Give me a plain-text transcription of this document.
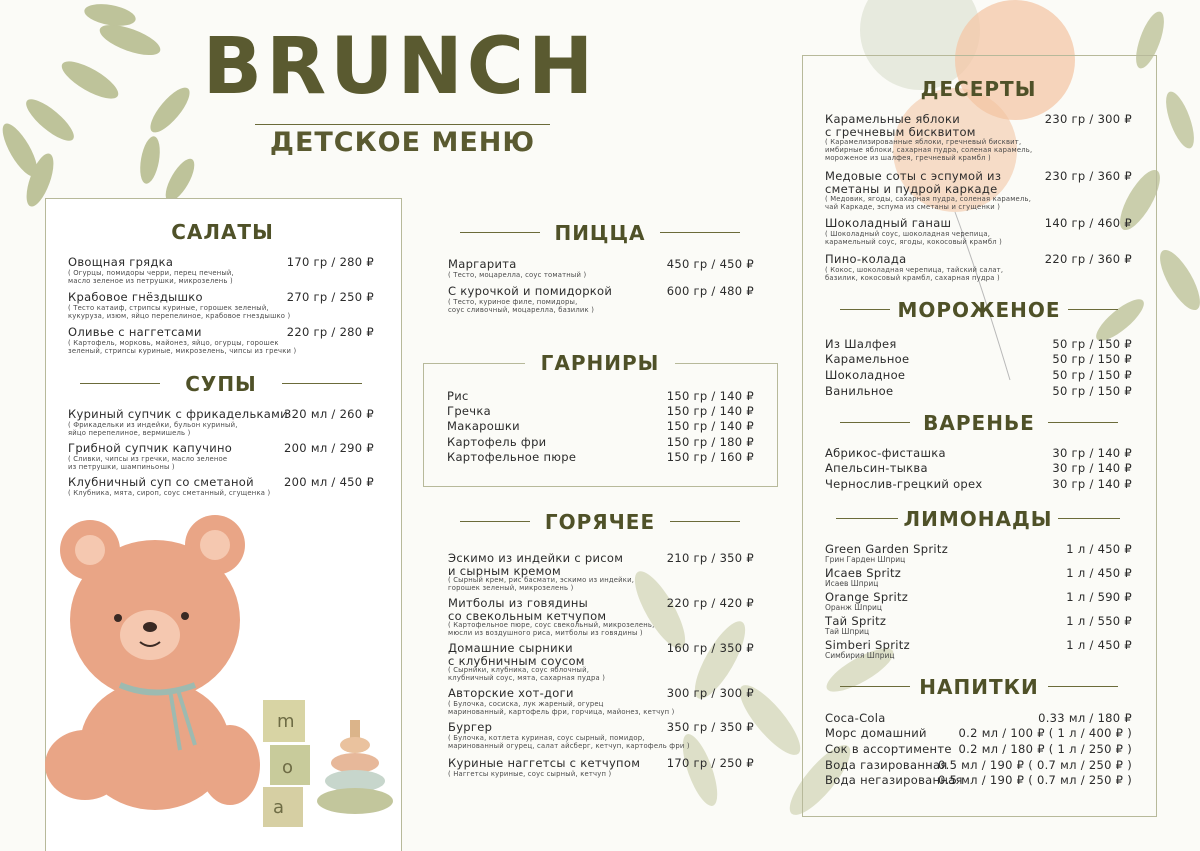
BRUNCH
ДЕТСКОЕ МЕНЮ
САЛАТЫ
Овощная грядка	170 гр / 280 ₽
( Огурцы, помидоры черри, перец печеный,
масло зеленое из петрушки, микрозелень )
Крабовое гнёздышко	270 гр / 250 ₽
( Тесто катаиф, стрипсы куриные, горошек зеленый,
кукуруза, изюм, яйцо перепелиное, крабовое гнездышко )
Оливье с наггетсами	220 гр / 280 ₽
( Картофель, морковь, майонез, яйцо, огурцы, горошек
зеленый, стрипсы куриные, микрозелень, чипсы из гречки )
СУПЫ
Куриный супчик с фрикадельками
320 мл / 260 ₽
( Фрикадельки из индейки, бульон куриный,
яйцо перепелиное, вермишель )
Грибной супчик капучино	200 мл / 290 ₽
( Сливки, чипсы из гречки, масло зеленое
из петрушки, шампиньоны )
Клубничный суп со сметаной	200 мл / 450 ₽
( Клубника, мята, сироп, соус сметанный, сгущенка )
m
o
a
ПИЦЦА
Маргарита	450 гр / 450 ₽
( Тесто, моцарелла, соус томатный )
С курочкой и помидоркой	600 гр / 480 ₽
( Тесто, куриное филе, помидоры,
соус сливочный, моцарелла, базилик )
ГАРНИРЫ
Рис	150 гр / 140 ₽
Гречка	150 гр / 140 ₽
Макарошки	150 гр / 140 ₽
Картофель фри	150 гр / 180 ₽
Картофельное пюре	150 гр / 160 ₽
ГОРЯЧЕЕ
Эскимо из индейки с рисом
и сырным кремом
210 гр / 350 ₽
( Сырный крем, рис басмати, эскимо из индейки,
горошек зеленый, микрозелень )
Митболы из говядины
со свекольным кетчупом
220 гр / 420 ₽
( Картофельное пюре, соус свекольный, микрозелень,
мюсли из воздушного риса, митболы из говядины )
Домашние сырники
с клубничным соусом
160 гр / 350 ₽
( Сырники, клубника, соус яблочный,
клубничный соус, мята, сахарная пудра )
Авторские хот-доги	300 гр / 300 ₽
( Булочка, сосиска, лук жареный, огурец
маринованный, картофель фри, горчица, майонез, кетчуп )
Бургер	350 гр / 350 ₽
( Булочка, котлета куриная, соус сырный, помидор,
маринованный огурец, салат айсберг, кетчуп, картофель фри )
Куриные наггетсы с кетчупом 170 гр / 250 ₽
( Наггетсы куриные, соус сырный, кетчуп )
ДЕСЕРТЫ
Карамельные яблоки
с гречневым бисквитом
230 гр / 300 ₽
( Карамелизированные яблоки, гречневый бисквит,
имбирные яблоки, сахарная пудра, соленая карамель,
мороженое из шалфея, гречневый крамбл )
Медовые соты с эспумой из
сметаны и пудрой каркаде
230 гр / 360 ₽
( Медовик, ягоды, сахарная пудра, соленая карамель,
чай Каркаде, эспума из сметаны и сгущенки )
Шоколадный ганаш	140 гр / 460 ₽
( Шоколадный соус, шоколадная черепица,
карамельный соус, ягоды, кокосовый крамбл )
Пино-колада	220 гр / 360 ₽
( Кокос, шоколадная черепица, тайский салат,
базилик, кокосовый крамбл, сахарная пудра )
МОРОЖЕНОЕ
Из Шалфея	50 гр / 150 ₽
Карамельное	50 гр / 150 ₽
Шоколадное	50 гр / 150 ₽
Ванильное	50 гр / 150 ₽
ВАРЕНЬЕ
Абрикос-фисташка	30 гр / 140 ₽
Апельсин-тыква	30 гр / 140 ₽
Чернослив-грецкий орех	30 гр / 140 ₽
ЛИМОНАДЫ
Green Garden Spritz
Грин Гарден Шприц
1 л / 450 ₽
Исаев Spritz
Исаев Шприц
1 л / 450 ₽
Orange Spritz
Оранж Шприц
1 л / 590 ₽
Тай Spritz
Тай Шприц
1 л / 550 ₽
Simberi Spritz
Симбирия Шприц
1 л / 450 ₽
НАПИТКИ
Coca-Cola	0.33 мл / 180 ₽
Морс домашний	0.2 мл / 100 ₽ ( 1 л / 400 ₽ )
Сок в ассортименте 0.2 мл / 180 ₽ ( 1 л / 250 ₽ )
Вода газированная
0.5 мл / 190 ₽ ( 0.7 мл / 250 ₽ )
Вода негазированная
0.5 мл / 190 ₽ ( 0.7 мл / 250 ₽ )
